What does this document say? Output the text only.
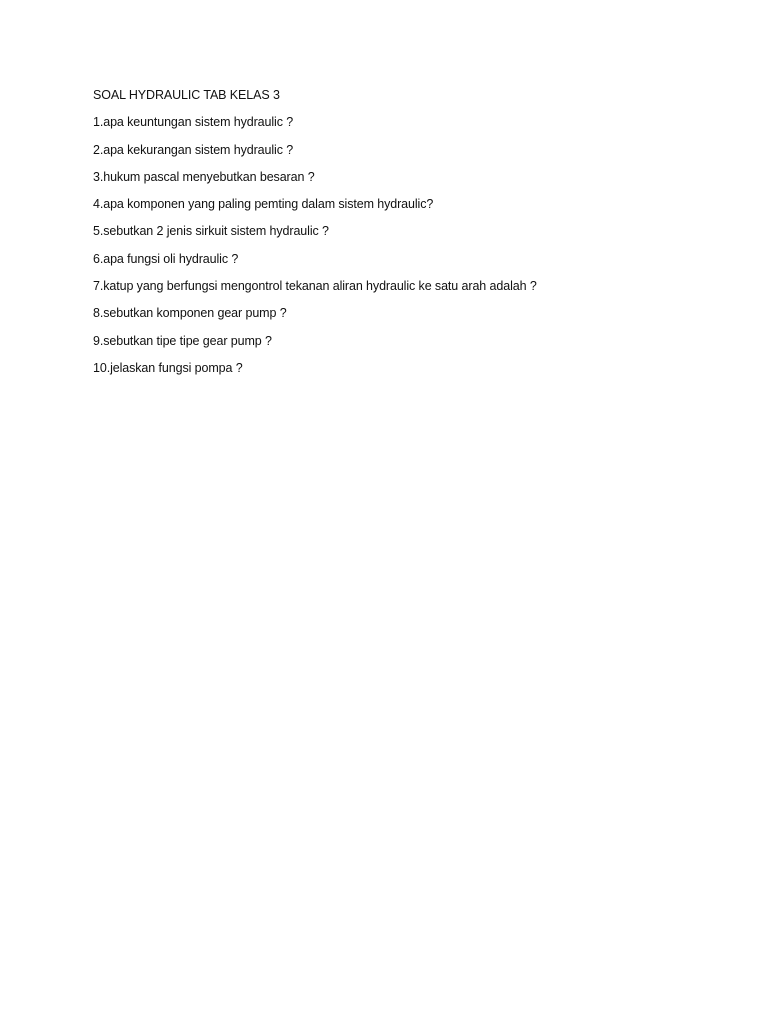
SOAL HYDRAULIC TAB KELAS 3
1.apa keuntungan sistem hydraulic ?
2.apa kekurangan sistem hydraulic ?
3.hukum pascal menyebutkan besaran ?
4.apa komponen yang paling pemting dalam sistem hydraulic?
5.sebutkan 2 jenis sirkuit sistem hydraulic ?
6.apa fungsi oli hydraulic ?
7.katup yang berfungsi mengontrol tekanan aliran hydraulic ke satu arah adalah ?
8.sebutkan komponen gear pump ?
9.sebutkan tipe tipe gear pump ?
10.jelaskan fungsi pompa ?
